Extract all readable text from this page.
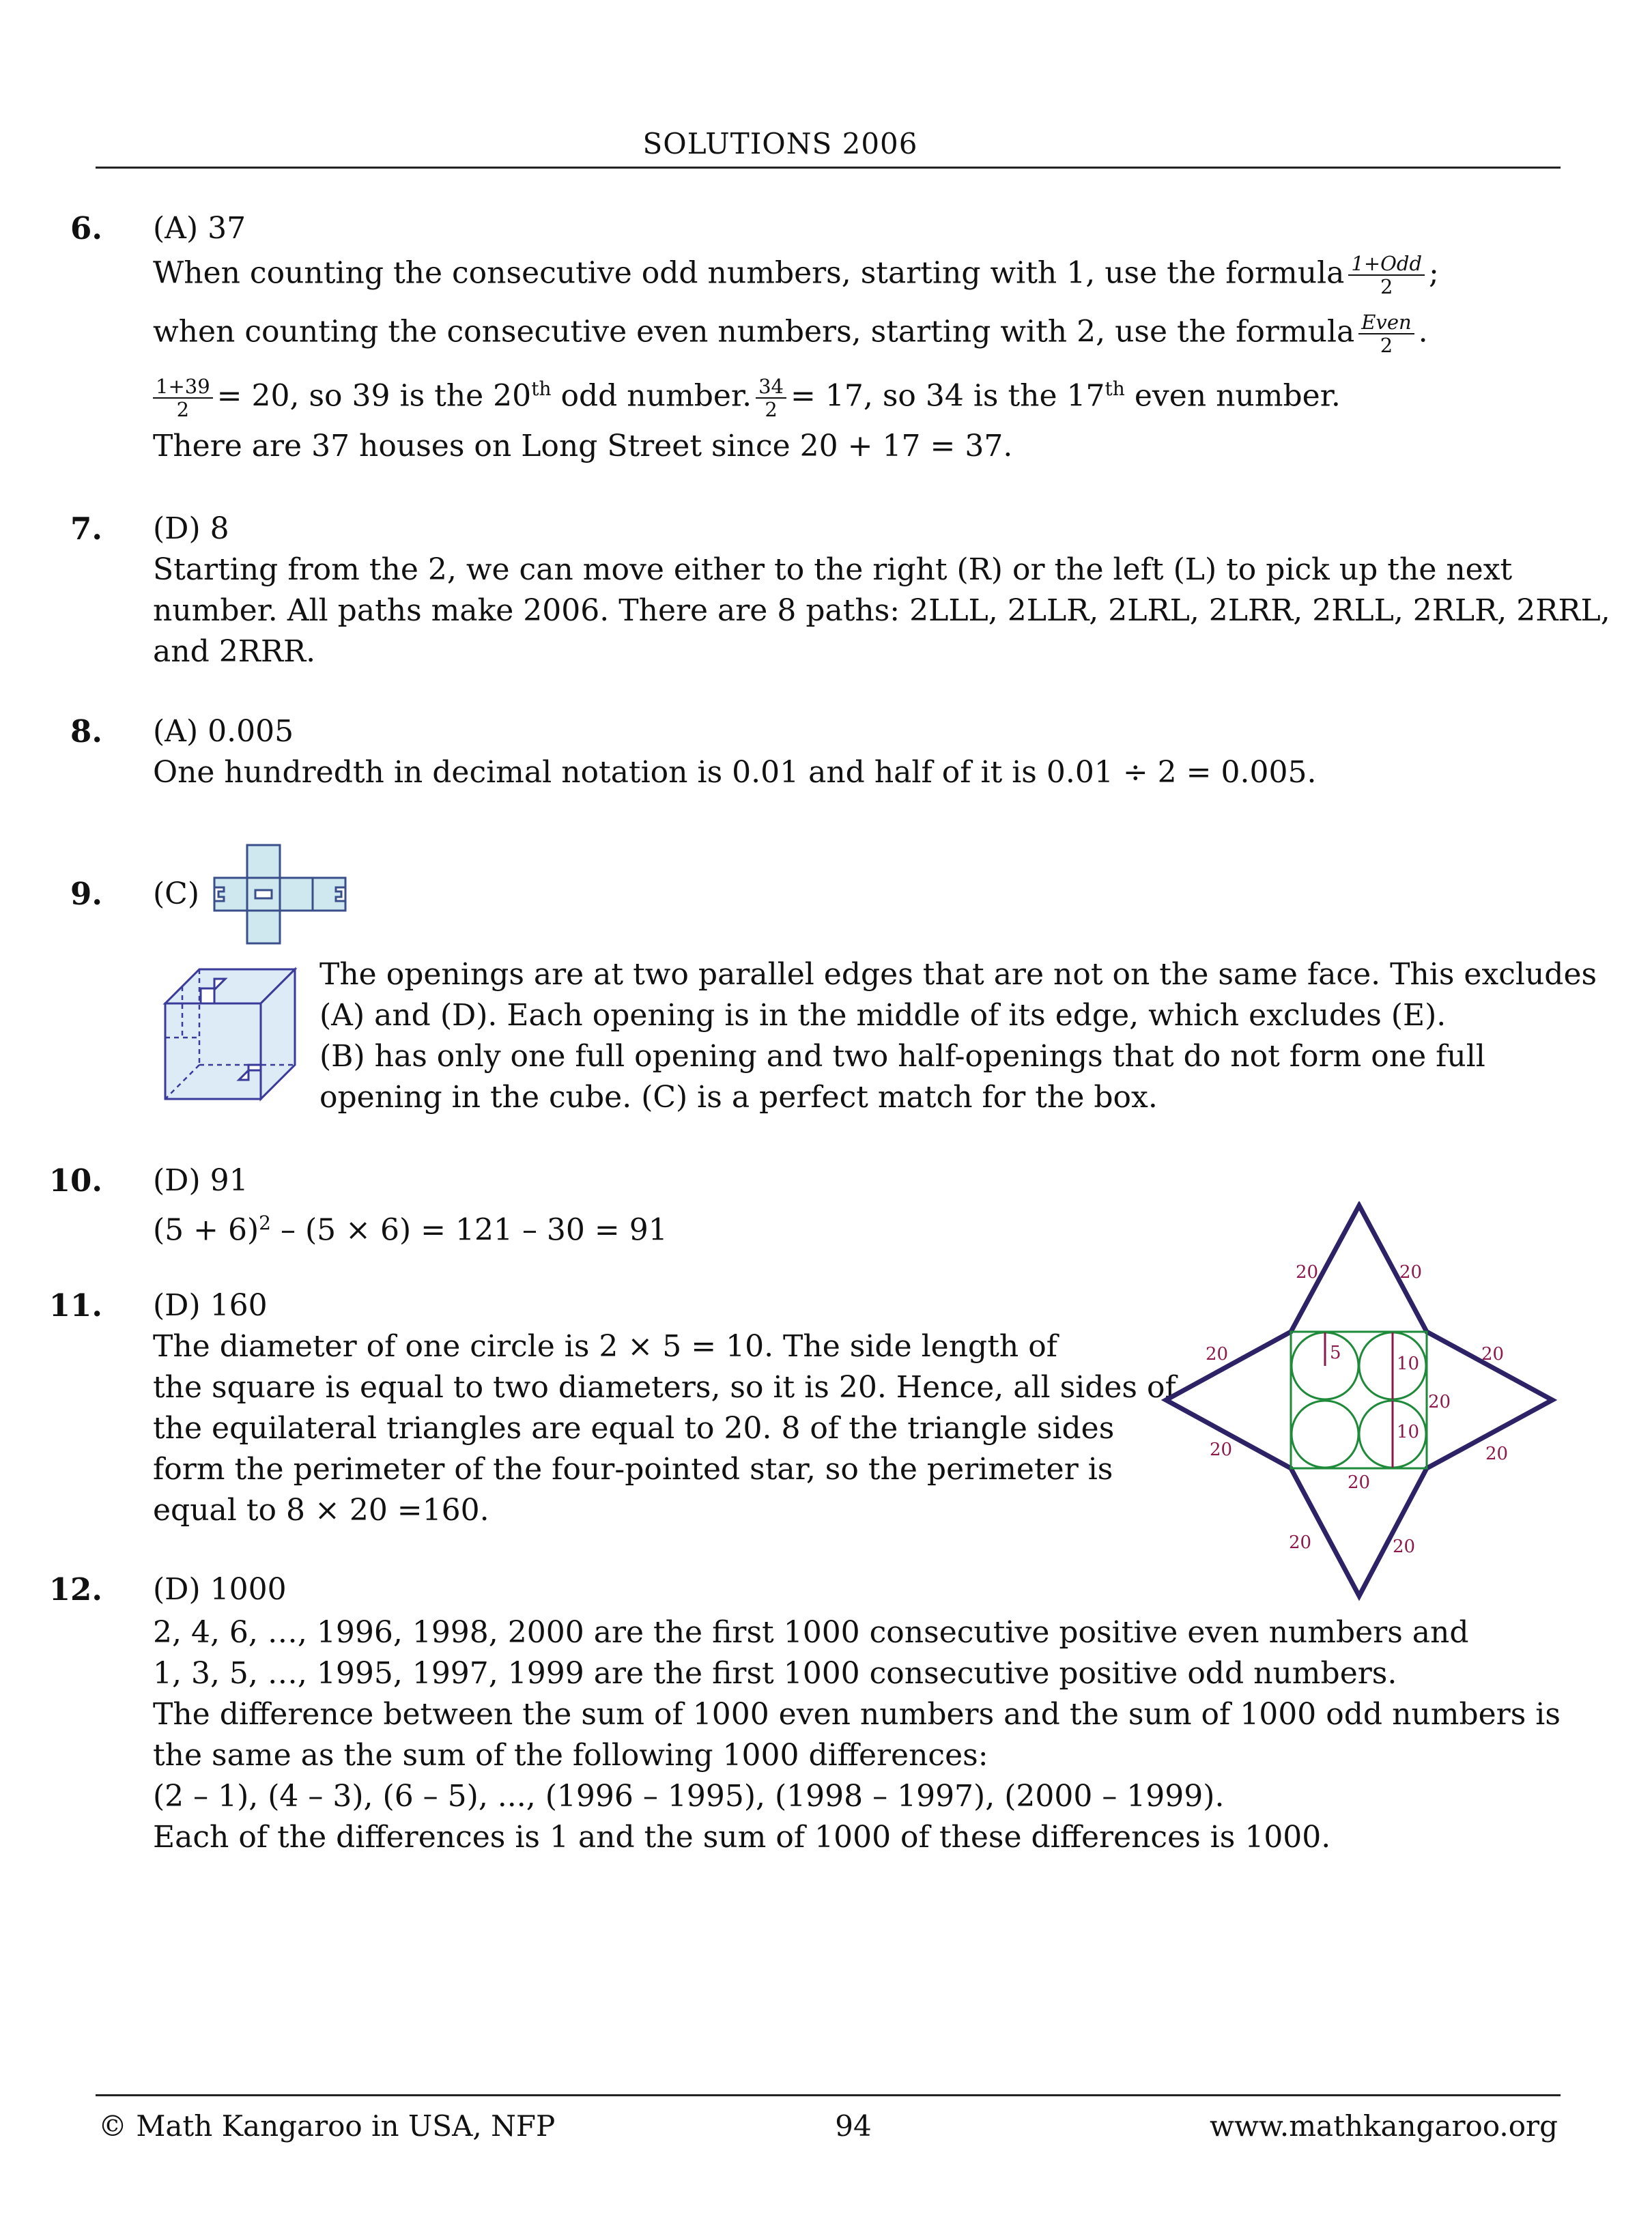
SOLUTIONS 2006
6. (A) 37
When counting the consecutive odd numbers, starting with 1, use the formula $\frac{\text{1+Odd}}{2}$ ;
when counting the consecutive even numbers, starting with 2, use the formula $\frac{\text{Even}}{2}$ .
$\frac{1+39}{2} = 20$, so 39 is the 20th odd number. $\frac{34}{2} = 17$, so 34 is the 17th even number.
There are 37 houses on Long Street since 20 + 17 = 37.
7. (D) 8
Starting from the 2, we can move either to the right (R) or the left (L) to pick up the next
number. All paths make 2006. There are 8 paths: 2LLL, 2LLR, 2LRL, 2LRR, 2RLL, 2RLR, 2RRL,
and 2RRR.
8. (A) 0.005
One hundredth in decimal notation is 0.01 and half of it is 0.01 ÷ 2 = 0.005.
9. (C)
The openings are at two parallel edges that are not on the same face. This excludes
(A) and (D). Each opening is in the middle of its edge, which excludes (E).
(B) has only one full opening and two half-openings that do not form one full
opening in the cube. (C) is a perfect match for the box.
10. (D) 91
$(5 + 6)^2 - (5 \times 6) = 121 - 30 = 91$
11. (D) 160
The diameter of one circle is 2 × 5 = 10. The side length of
the square is equal to two diameters, so it is 20. Hence, all sides of
the equilateral triangles are equal to 20. 8 of the triangle sides
form the perimeter of the four-pointed star, so the perimeter is
equal to 8 × 20 =160.
20	20
20	20
20	20
20	20
20
20
5
10
10
12. (D) 1000
2, 4, 6, …, 1996, 1998, 2000 are the first 1000 consecutive positive even numbers and
1, 3, 5, …, 1995, 1997, 1999 are the first 1000 consecutive positive odd numbers.
The difference between the sum of 1000 even numbers and the sum of 1000 odd numbers is
the same as the sum of the following 1000 differences:
(2 – 1), (4 – 3), (6 – 5), ..., (1996 – 1995), (1998 – 1997), (2000 – 1999).
Each of the differences is 1 and the sum of 1000 of these differences is 1000.
© Math Kangaroo in USA, NFP	94	www.mathkangaroo.org
